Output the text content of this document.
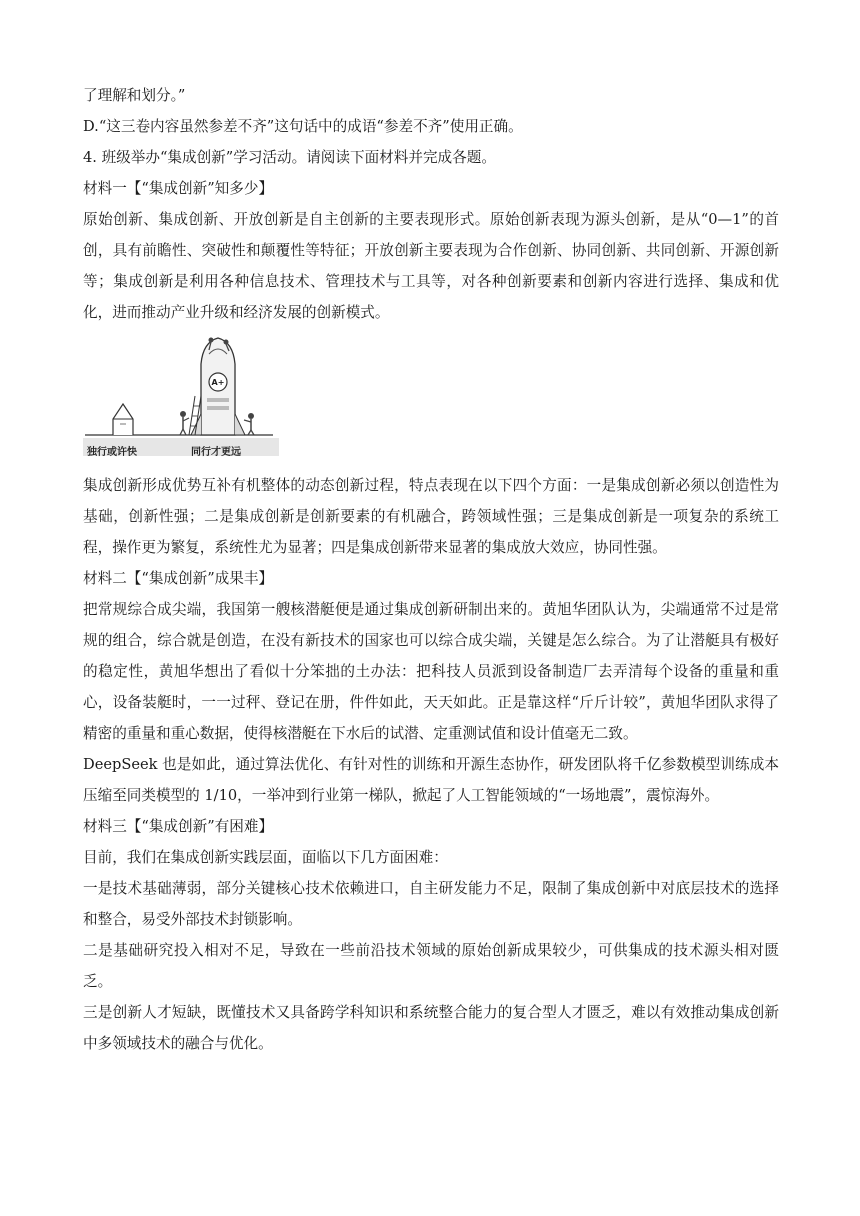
了理解和划分。”

D.“这三卷内容虽然参差不齐”这句话中的成语“参差不齐”使用正确。

4. 班级举办“集成创新”学习活动。请阅读下面材料并完成各题。

材料一【“集成创新”知多少】

原始创新、集成创新、开放创新是自主创新的主要表现形式。原始创新表现为源头创新，是从“0—1”的首创，具有前瞻性、突破性和颠覆性等特征；开放创新主要表现为合作创新、协同创新、共同创新、开源创新等；集成创新是利用各种信息技术、管理技术与工具等，对各种创新要素和创新内容进行选择、集成和优化，进而推动产业升级和经济发展的创新模式。

A+
独行或许快	同行才更远

集成创新形成优势互补有机整体的动态创新过程，特点表现在以下四个方面：一是集成创新必须以创造性为基础，创新性强；二是集成创新是创新要素的有机融合，跨领域性强；三是集成创新是一项复杂的系统工程，操作更为繁复，系统性尤为显著；四是集成创新带来显著的集成放大效应，协同性强。

材料二【“集成创新”成果丰】

把常规综合成尖端，我国第一艘核潜艇便是通过集成创新研制出来的。黄旭华团队认为，尖端通常不过是常规的组合，综合就是创造，在没有新技术的国家也可以综合成尖端，关键是怎么综合。为了让潜艇具有极好的稳定性，黄旭华想出了看似十分笨拙的土办法：把科技人员派到设备制造厂去弄清每个设备的重量和重心，设备装艇时，一一过秤、登记在册，件件如此，天天如此。正是靠这样“斤斤计较”，黄旭华团队求得了精密的重量和重心数据，使得核潜艇在下水后的试潜、定重测试值和设计值毫无二致。

DeepSeek 也是如此，通过算法优化、有针对性的训练和开源生态协作，研发团队将千亿参数模型训练成本压缩至同类模型的 1/10，一举冲到行业第一梯队，掀起了人工智能领域的“一场地震”，震惊海外。

材料三【“集成创新”有困难】

目前，我们在集成创新实践层面，面临以下几方面困难：

一是技术基础薄弱，部分关键核心技术依赖进口，自主研发能力不足，限制了集成创新中对底层技术的选择和整合，易受外部技术封锁影响。

二是基础研究投入相对不足，导致在一些前沿技术领域的原始创新成果较少，可供集成的技术源头相对匮乏。

三是创新人才短缺，既懂技术又具备跨学科知识和系统整合能力的复合型人才匮乏，难以有效推动集成创新中多领域技术的融合与优化。
